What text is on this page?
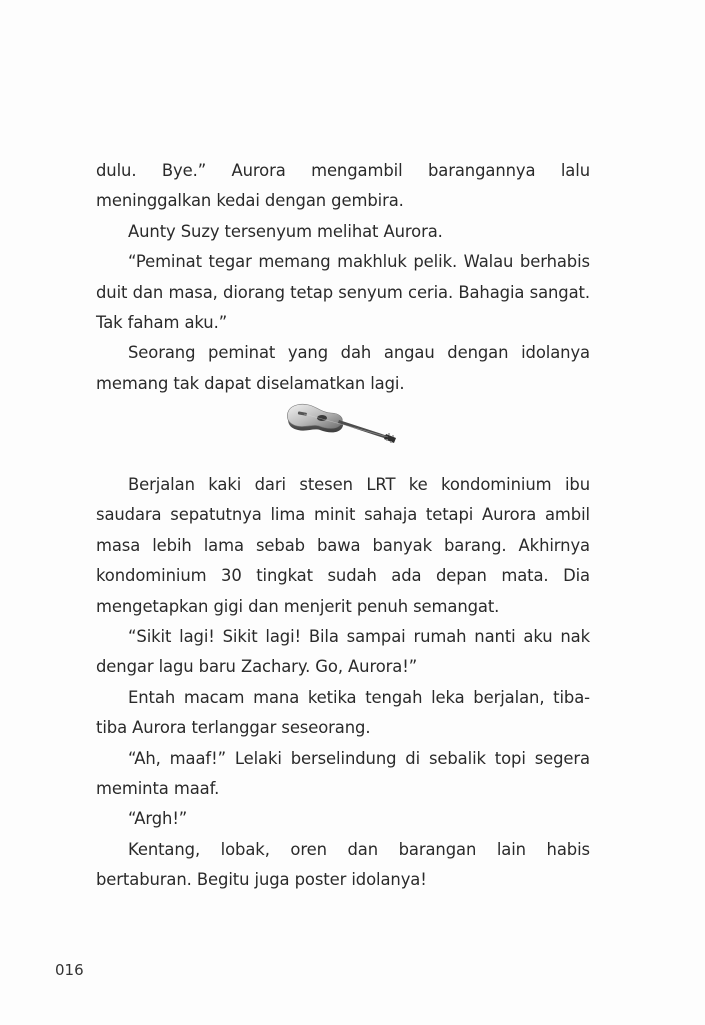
dulu. Bye.” Aurora mengambil barangannya lalu meninggalkan kedai dengan gembira.

Aunty Suzy tersenyum melihat Aurora.

“Peminat tegar memang makhluk pelik. Walau berhabis duit dan masa, diorang tetap senyum ceria. Bahagia sangat. Tak faham aku.”

Seorang peminat yang dah angau dengan idolanya memang tak dapat diselamatkan lagi.

Berjalan kaki dari stesen LRT ke kondominium ibu saudara sepatutnya lima minit sahaja tetapi Aurora ambil masa lebih lama sebab bawa banyak barang. Akhirnya kondominium 30 tingkat sudah ada depan mata. Dia mengetapkan gigi dan menjerit penuh semangat.

“Sikit lagi! Sikit lagi! Bila sampai rumah nanti aku nak dengar lagu baru Zachary. Go, Aurora!”

Entah macam mana ketika tengah leka berjalan, tiba-tiba Aurora terlanggar seseorang.

“Ah, maaf!” Lelaki berselindung di sebalik topi segera meminta maaf.

“Argh!”

Kentang, lobak, oren dan barangan lain habis bertaburan. Begitu juga poster idolanya!

016
